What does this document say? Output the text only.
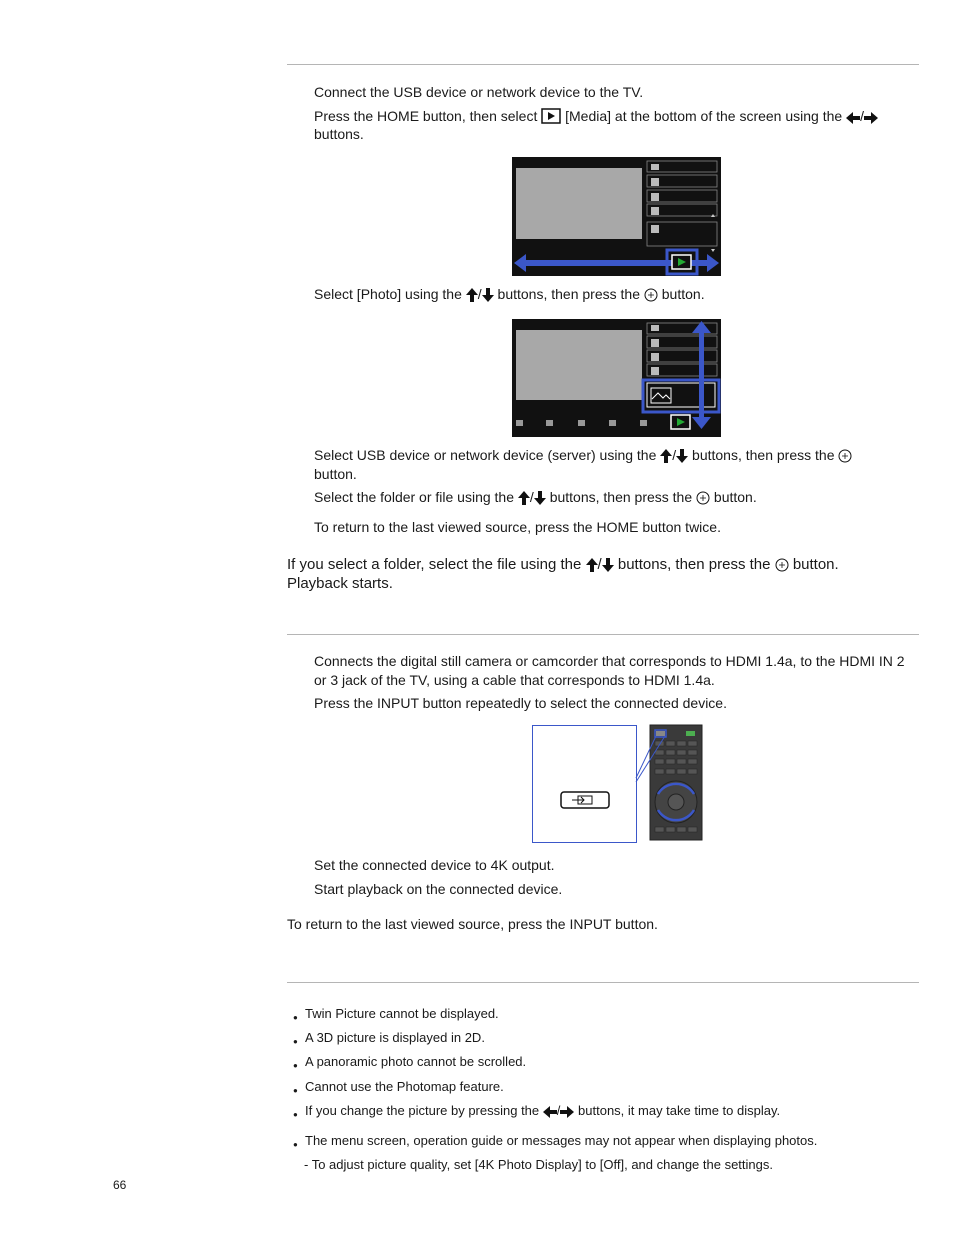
Connect the USB device or network device to the TV.
Press the HOME button, then select [Media] at the bottom of the screen using the /
buttons.
Select [Photo] using the / buttons, then press the button.
Select USB device or network device (server) using the / buttons, then press the
button.
Select the folder or file using the / buttons, then press the button.
To return to the last viewed source, press the HOME button twice.
If you select a folder, select the file using the / buttons, then press the button.
Playback starts.
Connects the digital still camera or camcorder that corresponds to HDMI 1.4a, to the HDMI IN 2 or 3 jack of the TV, using a cable that corresponds to HDMI 1.4a.
Press the INPUT button repeatedly to select the connected device.
Set the connected device to 4K output.
Start playback on the connected device.
To return to the last viewed source, press the INPUT button.
● Twin Picture cannot be displayed.
● A 3D picture is displayed in 2D.
● A panoramic photo cannot be scrolled.
● Cannot use the Photomap feature.
● If you change the picture by pressing the / buttons, it may take time to display.
● The menu screen, operation guide or messages may not appear when displaying photos.
- To adjust picture quality, set [4K Photo Display] to [Off], and change the settings.
66
